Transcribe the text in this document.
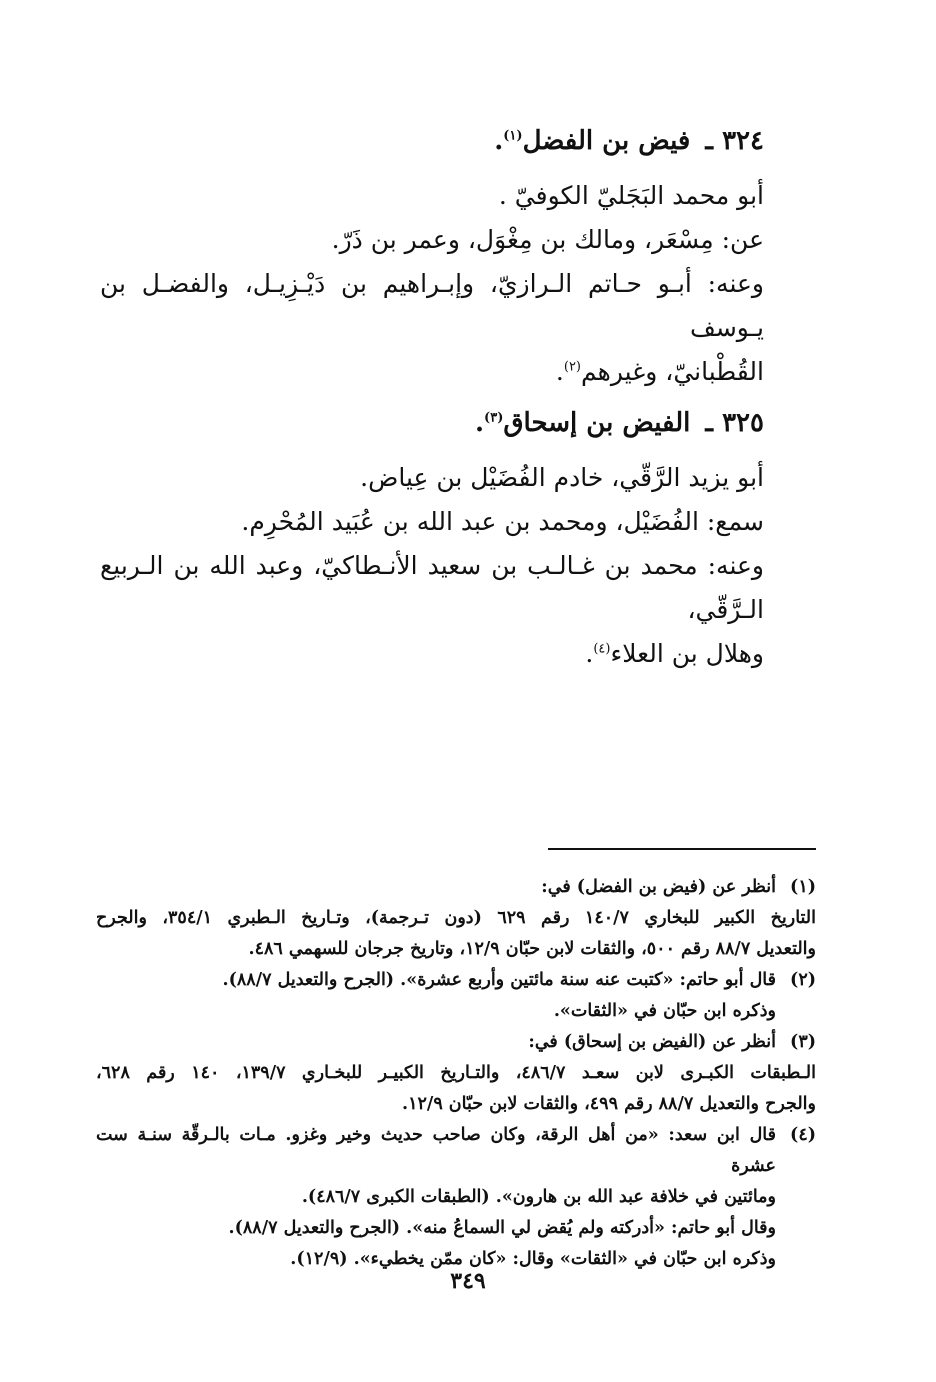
٣٢٤ ـ فيض بن الفضل$^{(١)}$.

أبو محمد البَجَليّ الكوفيّ .

عن: مِسْعَر، ومالك بن مِغْوَل، وعمر بن ذَرّ.

وعنه: أبـو حـاتم الـرازيّ، وإبـراهيم بن دَيْـزِيـل، والفضـل بن يـوسف

القُطْبانيّ، وغيرهم$^{(٢)}$.

٣٢٥ ـ الفيض بن إسحاق$^{(٣)}$.

أبو يزيد الرَّقّي، خادم الفُضَيْل بن عِياض.

سمع: الفُضَيْل، ومحمد بن عبد الله بن عُبَيد المُحْرِم.

وعنه: محمد بن غـالـب بن سعيد الأنـطاكيّ، وعبد الله بن الـربيع الـرَّقّي،

وهلال بن العلاء$^{(٤)}$.

(١)

أنظر عن (فيض بن الفضل) في:

التاريخ الكبير للبخاري ١٤٠/٧ رقم ٦٢٩ (دون تـرجمة)، وتـاريخ الـطبري ٣٥٤/١، والجرح

والتعديل ٨٨/٧ رقم ٥٠٠، والثقات لابن حبّان ١٢/٩، وتاريخ جرجان للسهمي ٤٨٦.

(٢)

قال أبو حاتم: «كتبت عنه سنة مائتين وأربع عشرة». (الجرح والتعديل ٨٨/٧).

وذكره ابن حبّان في «الثقات».

(٣)

أنظر عن (الفيض بن إسحاق) في:

الـطبقات الكبـرى لابن سعـد ٤٨٦/٧، والتـاريخ الكبيـر للبخـاري ١٣٩/٧، ١٤٠ رقم ٦٢٨،

والجرح والتعديل ٨٨/٧ رقم ٤٩٩، والثقات لابن حبّان ١٢/٩.

(٤)

قال ابن سعد: «من أهل الرقة، وكان صاحب حديث وخير وغزو. مـات بالـرقّة سنـة ست عشرة

ومائتين في خلافة عبد الله بن هارون». (الطبقات الكبرى ٤٨٦/٧).

وقال أبو حاتم: «أدركته ولم يُقض لي السماعُ منه». (الجرح والتعديل ٨٨/٧).

وذكره ابن حبّان في «الثقات» وقال: «كان ممّن يخطيء». (١٢/٩).

٣٤٩
